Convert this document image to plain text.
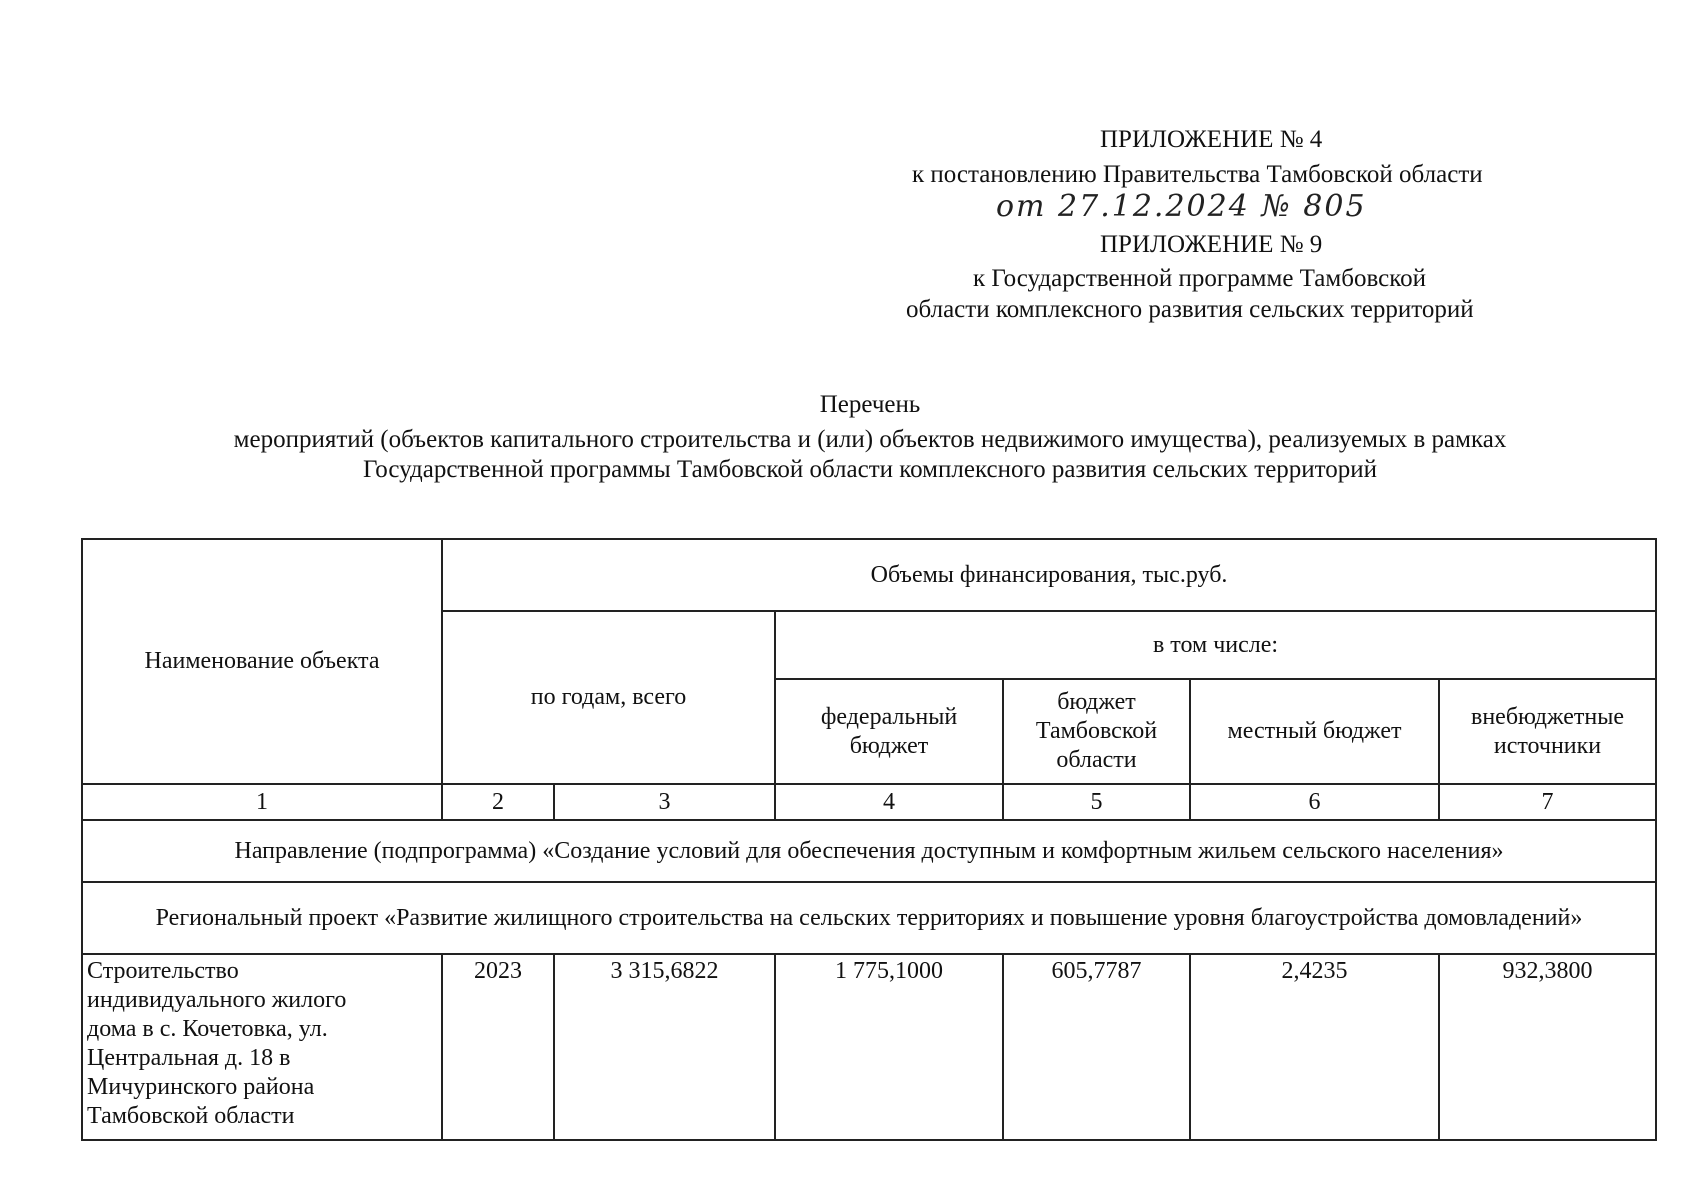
ПРИЛОЖЕНИЕ № 4
к постановлению Правительства Тамбовской области
от 27.12.2024 № 805
ПРИЛОЖЕНИЕ № 9
к Государственной программе Тамбовской
области комплексного развития сельских территорий
Перечень
мероприятий (объектов капитального строительства и (или) объектов недвижимого имущества), реализуемых в рамках
Государственной программы Тамбовской области комплексного развития сельских территорий
Наименование объекта	Объемы финансирования, тыс.руб.					
	по годам, всего		в том числе:			
			федеральный бюджет	бюджет Тамбовской области	местный бюджет	внебюджетные источники
1	2	3	4	5	6	7
Направление (подпрограмма) «Создание условий для обеспечения доступным и комфортным жильем сельского населения»						
Региональный проект «Развитие жилищного строительства на сельских территориях и повышение уровня благоустройства домовладений»						
Строительство индивидуального жилого дома в с. Кочетовка, ул. Центральная д. 18 в Мичуринского района Тамбовской области	2023	3 315,6822	1 775,1000	605,7787	2,4235	932,3800
